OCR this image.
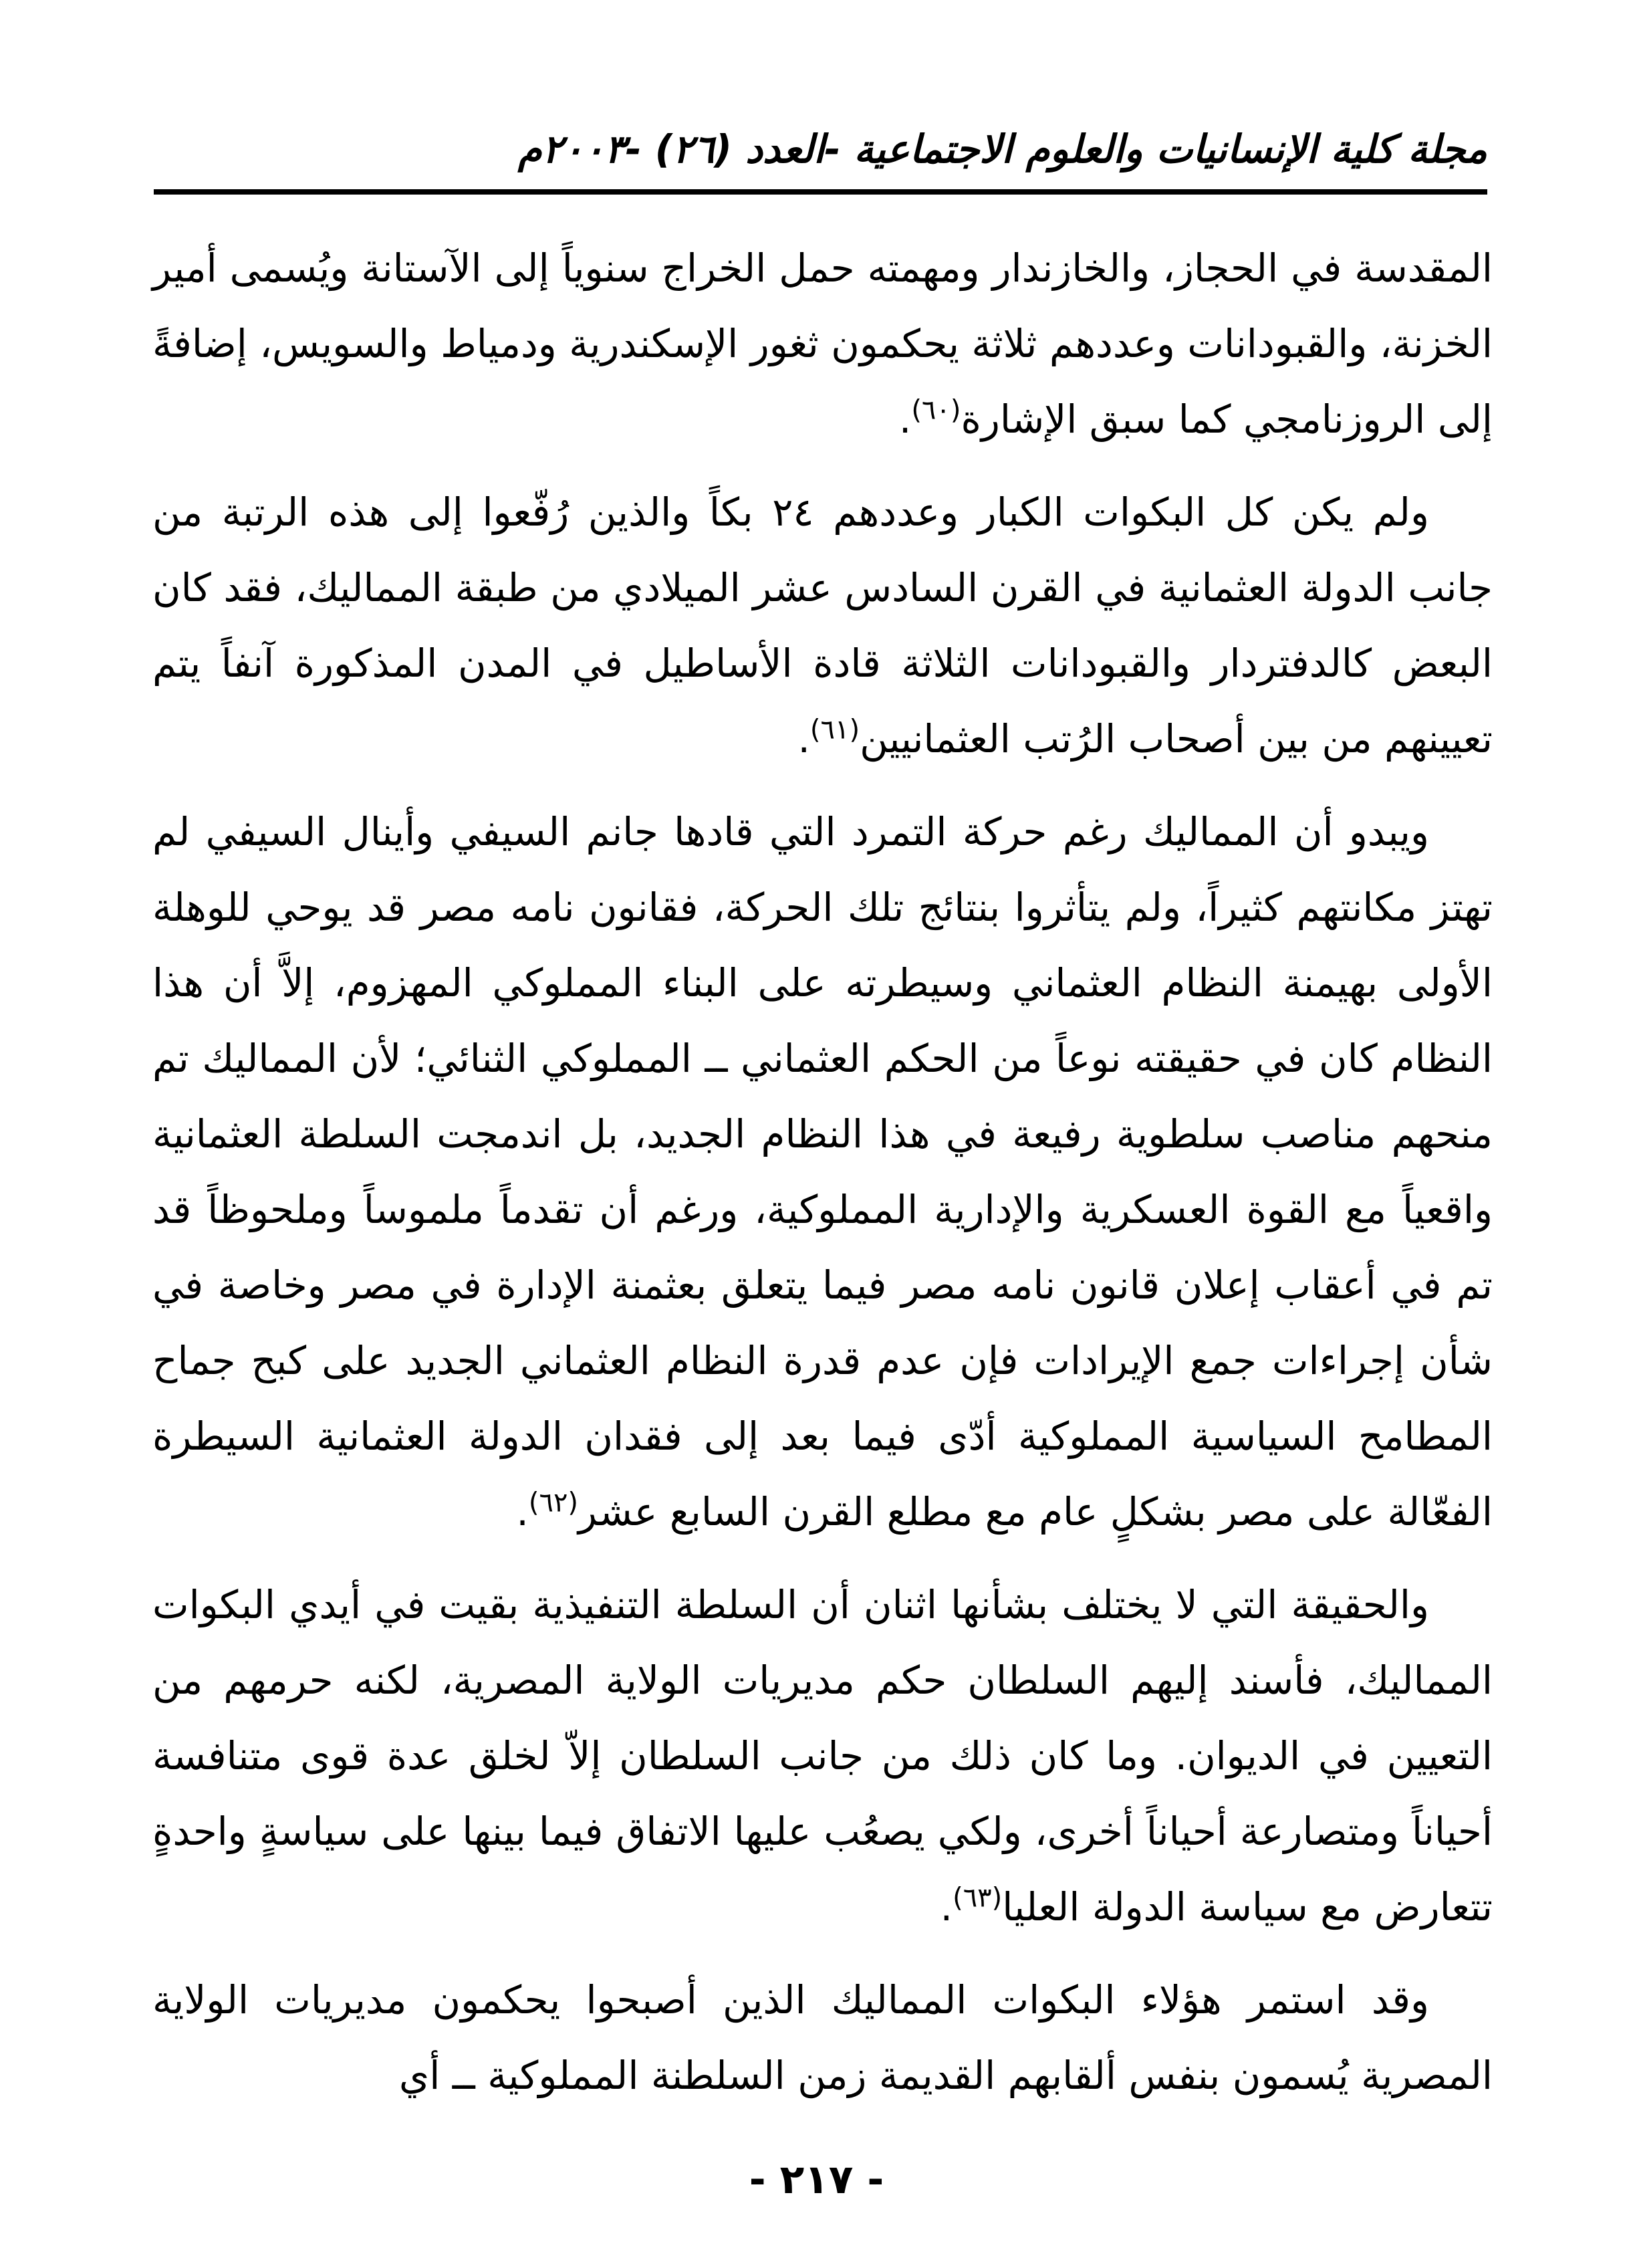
مجلة كلية الإنسانيات والعلوم الاجتماعية -العدد (٢٦) -٢٠٠٣م

المقدسة في الحجاز، والخازندار ومهمته حمل الخراج سنوياً إلى الآستانة ويُسمى أمير الخزنة، والقبودانات وعددهم ثلاثة يحكمون ثغور الإسكندرية ودمياط والسويس، إضافةً إلى الروزنامجي كما سبق الإشارة$^{(٦٠)}$.

ولم يكن كل البكوات الكبار وعددهم ٢٤ بكاً والذين رُفّعوا إلى هذه الرتبة من جانب الدولة العثمانية في القرن السادس عشر الميلادي من طبقة المماليك، فقد كان البعض كالدفتردار والقبودانات الثلاثة قادة الأساطيل في المدن المذكورة آنفاً يتم تعيينهم من بين أصحاب الرُتب العثمانيين$^{(٦١)}$.

ويبدو أن المماليك رغم حركة التمرد التي قادها جانم السيفي وأينال السيفي لم تهتز مكانتهم كثيراً، ولم يتأثروا بنتائج تلك الحركة، فقانون نامه مصر قد يوحي للوهلة الأولى بهيمنة النظام العثماني وسيطرته على البناء المملوكي المهزوم، إلاَّ أن هذا النظام كان في حقيقته نوعاً من الحكم العثماني ــ المملوكي الثنائي؛ لأن المماليك تم منحهم مناصب سلطوية رفيعة في هذا النظام الجديد، بل اندمجت السلطة العثمانية واقعياً مع القوة العسكرية والإدارية المملوكية، ورغم أن تقدماً ملموساً وملحوظاً قد تم في أعقاب إعلان قانون نامه مصر فيما يتعلق بعثمنة الإدارة في مصر وخاصة في شأن إجراءات جمع الإيرادات فإن عدم قدرة النظام العثماني الجديد على كبح جماح المطامح السياسية المملوكية أدّى فيما بعد إلى فقدان الدولة العثمانية السيطرة الفعّالة على مصر بشكلٍ عام مع مطلع القرن السابع عشر$^{(٦٢)}$.

والحقيقة التي لا يختلف بشأنها اثنان أن السلطة التنفيذية بقيت في أيدي البكوات المماليك، فأسند إليهم السلطان حكم مديريات الولاية المصرية، لكنه حرمهم من التعيين في الديوان. وما كان ذلك من جانب السلطان إلاّ لخلق عدة قوى متنافسة أحياناً ومتصارعة أحياناً أخرى، ولكي يصعُب عليها الاتفاق فيما بينها على سياسةٍ واحدةٍ تتعارض مع سياسة الدولة العليا$^{(٦٣)}$.

وقد استمر هؤلاء البكوات المماليك الذين أصبحوا يحكمون مديريات الولاية المصرية يُسمون بنفس ألقابهم القديمة زمن السلطنة المملوكية ــ أي

- ٢١٧ -
